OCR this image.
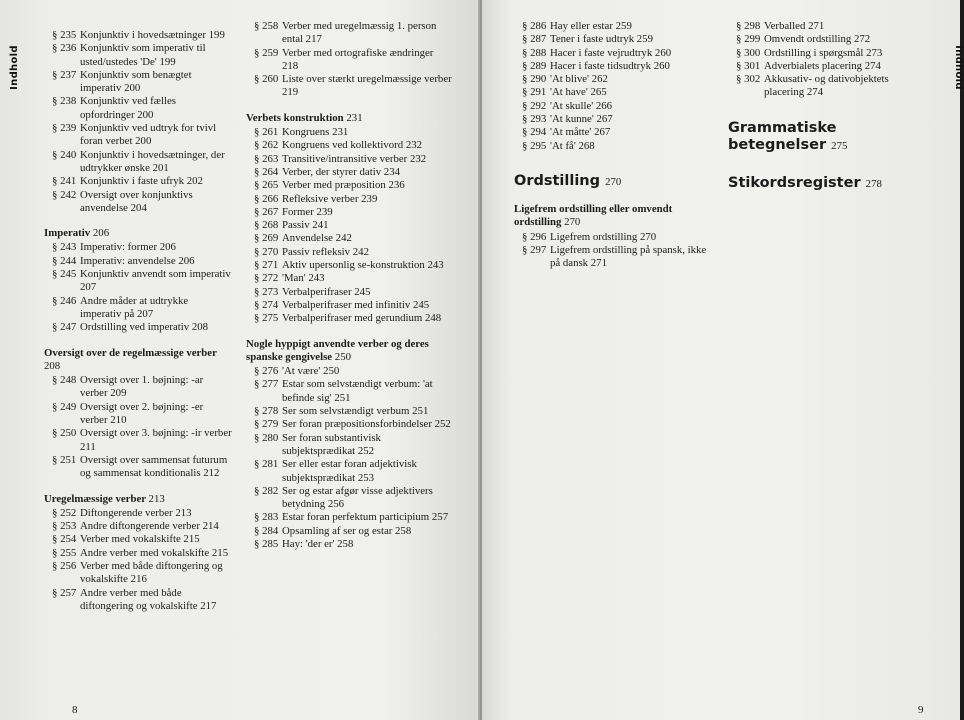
Indhold
§ 235 Konjunktiv i hovedsætninger 199
§ 236 Konjunktiv som imperativ til usted/ustedes 'De' 199
§ 237 Konjunktiv som benægtet imperativ 200
§ 238 Konjunktiv ved fælles opfordringer 200
§ 239 Konjunktiv ved udtryk for tvivl foran verbet 200
§ 240 Konjunktiv i hovedsætninger, der udtrykker ønske 201
§ 241 Konjunktiv i faste ufryk 202
§ 242 Oversigt over konjunktivs anvendelse 204
Imperativ 206
§ 243 Imperativ: former 206
§ 244 Imperativ: anvendelse 206
§ 245 Konjunktiv anvendt som imperativ 207
§ 246 Andre måder at udtrykke imperativ på 207
§ 247 Ordstilling ved imperativ 208
Oversigt over de regelmæssige verber 208
§ 248 Oversigt over 1. bøjning: -ar verber 209
§ 249 Oversigt over 2. bøjning: -er verber 210
§ 250 Oversigt over 3. bøjning: -ir verber 211
§ 251 Oversigt over sammensat futurum og sammensat konditionalis 212
Uregelmæssige verber 213
§ 252 Diftongerende verber 213
§ 253 Andre diftongerende verber 214
§ 254 Verber med vokalskifte 215
§ 255 Andre verber med vokalskifte 215
§ 256 Verber med både diftongering og vokalskifte 216
§ 257 Andre verber med både diftongering og vokalskifte 217
§ 258 Verber med uregelmæssig 1. person ental 217
§ 259 Verber med ortografiske ændringer 218
§ 260 Liste over stærkt uregelmæssige verber 219
Verbets konstruktion 231
§ 261 Kongruens 231
§ 262 Kongruens ved kollektivord 232
§ 263 Transitive/intransitive verber 232
§ 264 Verber, der styrer dativ 234
§ 265 Verber med præposition 236
§ 266 Refleksive verber 239
§ 267 Former 239
§ 268 Passiv 241
§ 269 Anvendelse 242
§ 270 Passiv refleksiv 242
§ 271 Aktiv upersonlig se-konstruktion 243
§ 272 'Man' 243
§ 273 Verbalperifraser 245
§ 274 Verbalperifraser med infinitiv 245
§ 275 Verbalperifraser med gerundium 248
Nogle hyppigt anvendte verber og deres spanske gengivelse 250
§ 276 'At være' 250
§ 277 Estar som selvstændigt verbum: 'at befinde sig' 251
§ 278 Ser som selvstændigt verbum 251
§ 279 Ser foran præpositionsforbindelser 252
§ 280 Ser foran substantivisk subjektsprædikat 252
§ 281 Ser eller estar foran adjektivisk subjektsprædikat 253
§ 282 Ser og estar afgør visse adjektivers betydning 256
§ 283 Estar foran perfektum participium 257
§ 284 Opsamling af ser og estar 258
§ 285 Hay: 'der er' 258
8
§ 286 Hay eller estar 259
§ 287 Tener i faste udtryk 259
§ 288 Hacer i faste vejrudtryk 260
§ 289 Hacer i faste tidsudtryk 260
§ 290 'At blive' 262
§ 291 'At have' 265
§ 292 'At skulle' 266
§ 293 'At kunne' 267
§ 294 'At måtte' 267
§ 295 'At få' 268
Ordstilling 270
Ligefrem ordstilling eller omvendt ordstilling 270
§ 296 Ligefrem ordstilling 270
§ 297 Ligefrem ordstilling på spansk, ikke på dansk 271
§ 298 Verballed 271
§ 299 Omvendt ordstilling 272
§ 300 Ordstilling i spørgsmål 273
§ 301 Adverbialets placering 274
§ 302 Akkusativ- og dativobjektets placering 274
Grammatiske betegnelser 275
Stikordsregister 278
9
Indhold
